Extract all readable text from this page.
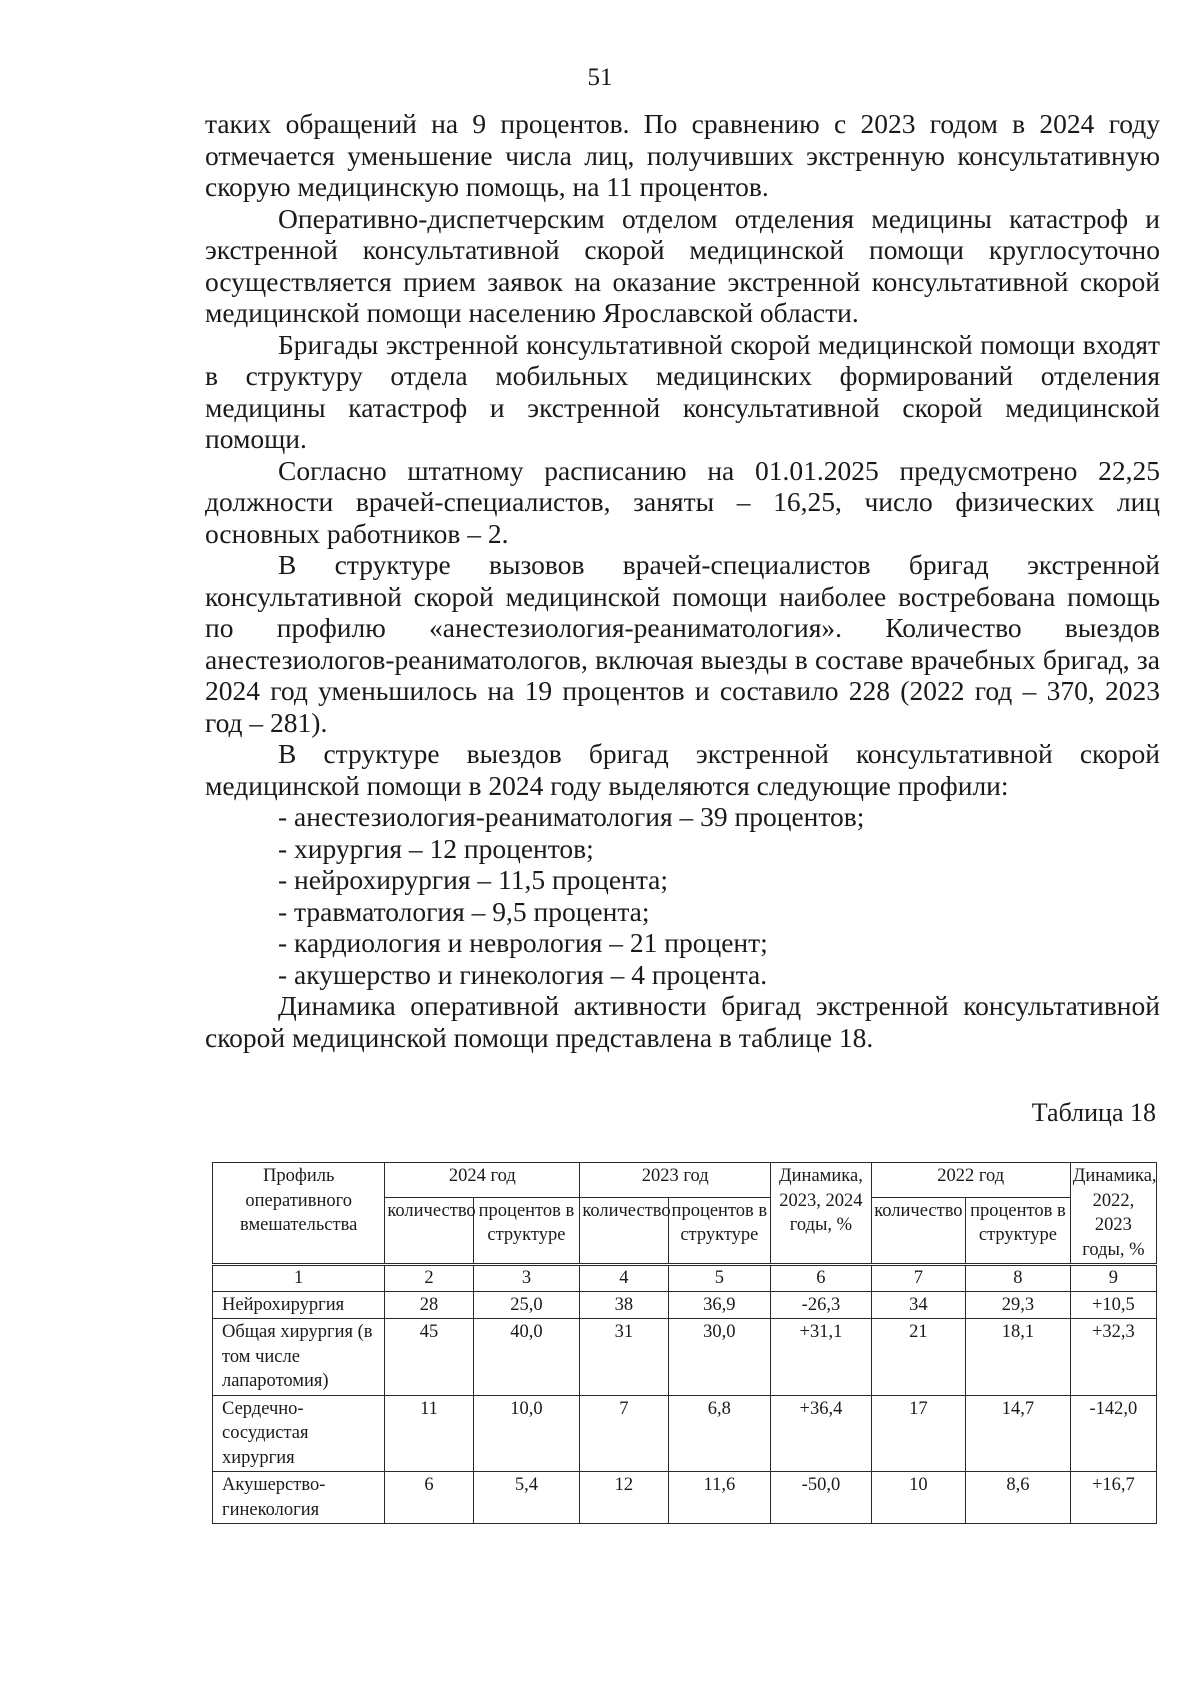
51

таких обращений на 9 процентов. По сравнению с 2023 годом в 2024 году отмечается уменьшение числа лиц, получивших экстренную консультативную скорую медицинскую помощь, на 11 процентов.

Оперативно-диспетчерским отделом отделения медицины катастроф и экстренной консультативной скорой медицинской помощи круглосуточно осуществляется прием заявок на оказание экстренной консультативной скорой медицинской помощи населению Ярославской области.

Бригады экстренной консультативной скорой медицинской помощи входят в структуру отдела мобильных медицинских формирований отделения медицины катастроф и экстренной консультативной скорой медицинской помощи.

Согласно штатному расписанию на 01.01.2025 предусмотрено 22,25 должности врачей-специалистов, заняты – 16,25, число физических лиц основных работников – 2.

В структуре вызовов врачей-специалистов бригад экстренной консультативной скорой медицинской помощи наиболее востребована помощь по профилю «анестезиология-реаниматология». Количество выездов анестезиологов-реаниматологов, включая выезды в составе врачебных бригад, за 2024 год уменьшилось на 19 процентов и составило 228 (2022 год – 370, 2023 год – 281).

В структуре выездов бригад экстренной консультативной скорой медицинской помощи в 2024 году выделяются следующие профили:

- анестезиология-реаниматология – 39 процентов;
- хирургия – 12 процентов;
- нейрохирургия – 11,5 процента;
- травматология – 9,5 процента;
- кардиология и неврология – 21 процент;
- акушерство и гинекология – 4 процента.

Динамика оперативной активности бригад экстренной консультативной скорой медицинской помощи представлена в таблице 18.

Таблица 18
Профиль оперативного вмешательства	2024 год		2023 год		Динамика, 2023, 2024 годы, %	2022 год		Динамика, 2022, 2023 годы, %
	количество	процентов в структуре	количество	процентов в структуре		количество	процентов в структуре	
1	2	3	4	5	6	7	8	9
Нейрохирургия	28	25,0	38	36,9	-26,3	34	29,3	+10,5
Общая хирургия (в том числе лапаротомия)	45	40,0	31	30,0	+31,1	21	18,1	+32,3
Сердечно-сосудистая хирургия	11	10,0	7	6,8	+36,4	17	14,7	-142,0
Акушерство-гинекология	6	5,4	12	11,6	-50,0	10	8,6	+16,7
